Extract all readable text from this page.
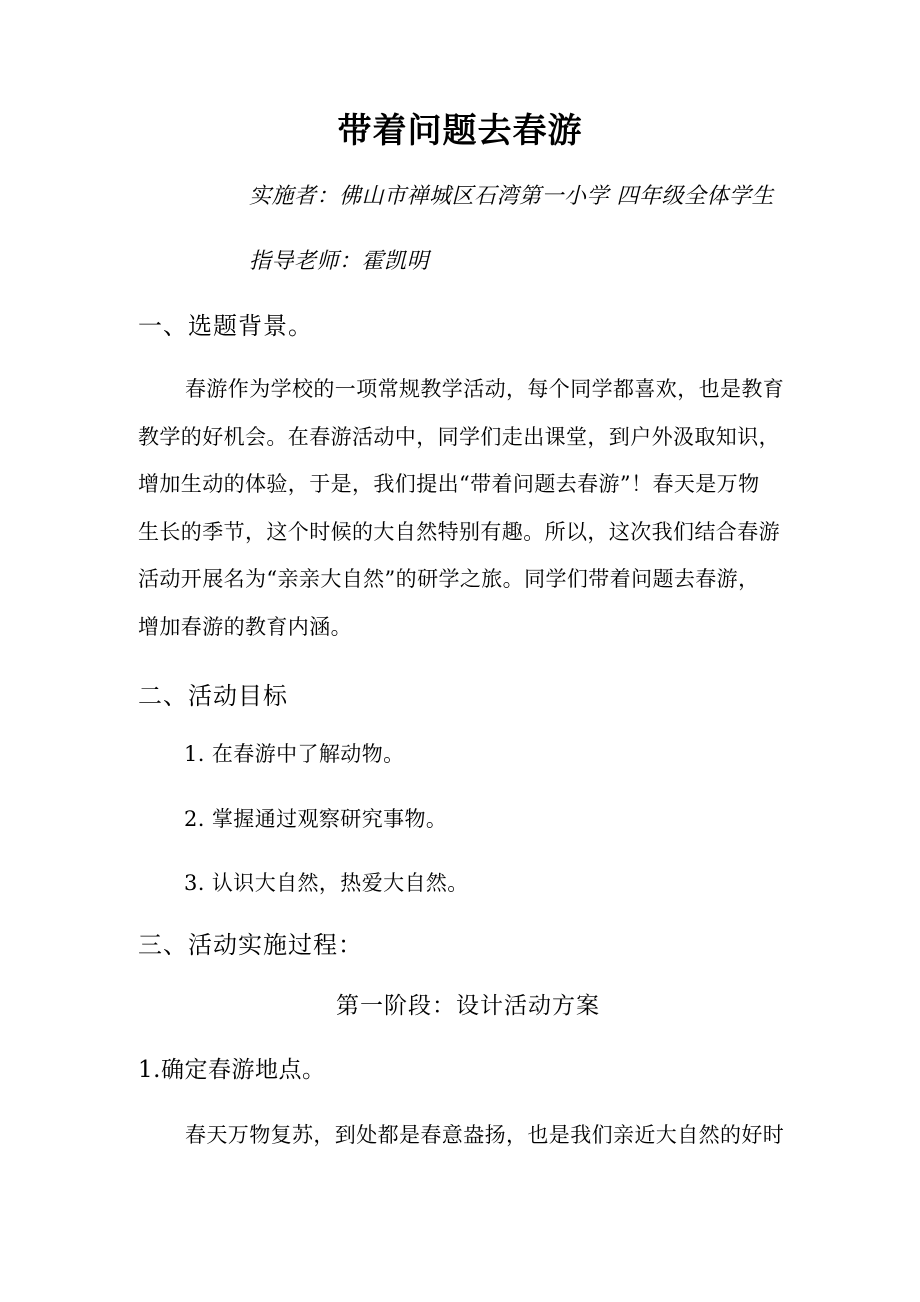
带着问题去春游
实施者：佛山市禅城区石湾第一小学 四年级全体学生
指导老师：霍凯明
一、选题背景。
春游作为学校的一项常规教学活动，每个同学都喜欢，也是教育
教学的好机会。在春游活动中，同学们走出课堂，到户外汲取知识，
增加生动的体验，于是，我们提出“带着问题去春游”！春天是万物
生长的季节，这个时候的大自然特别有趣。所以，这次我们结合春游
活动开展名为“亲亲大自然”的研学之旅。同学们带着问题去春游，
增加春游的教育内涵。
二、活动目标
1. 在春游中了解动物。
2. 掌握通过观察研究事物。
3. 认识大自然，热爱大自然。
三、活动实施过程：
第一阶段：设计活动方案
1.确定春游地点。
春天万物复苏，到处都是春意盎扬，也是我们亲近大自然的好时
